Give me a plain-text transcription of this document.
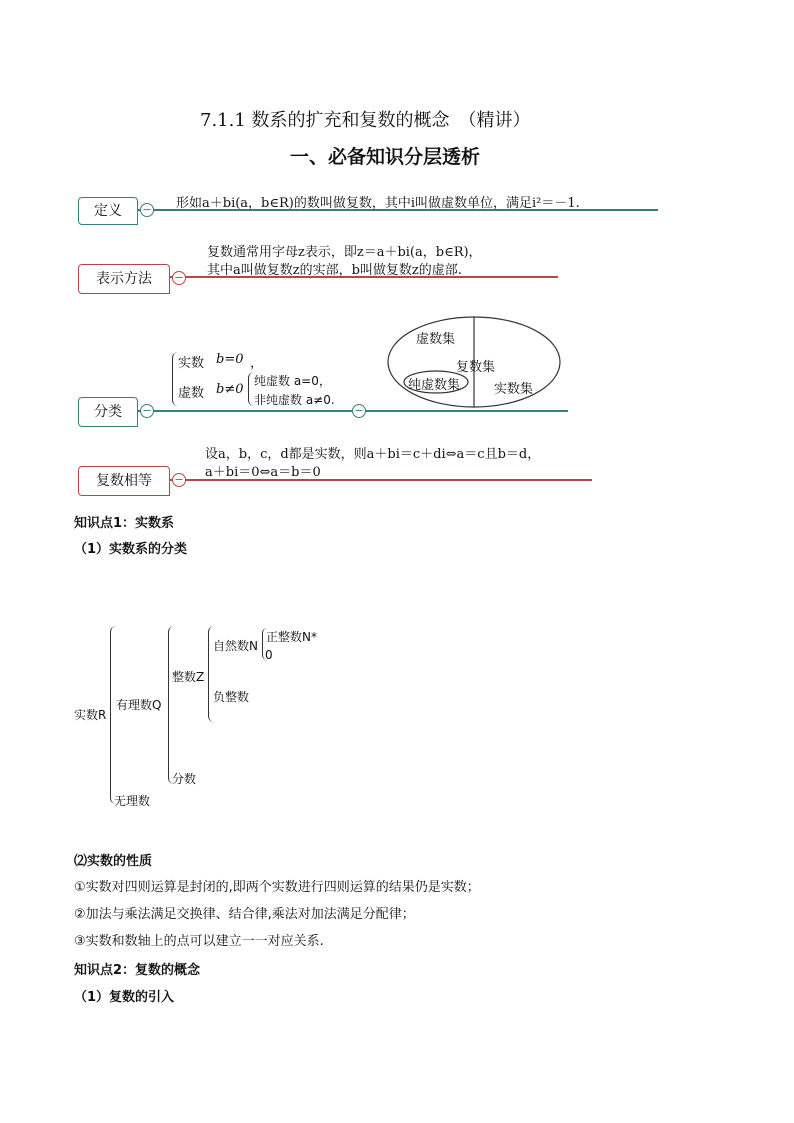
7.1.1 数系的扩充和复数的概念　（精讲）
一、必备知识分层透析
定义	− 形如a＋bi(a，b∈R)的数叫做复数，其中i叫做虚数单位，满足i²＝－1.
表示方法	−
复数通常用字母z表示，即z＝a＋bi(a，b∈R)，
其中a叫做复数z的实部，b叫做复数z的虚部.
分类	−	−
实数 b=0 ，
虚数 b≠0
纯虚数 a=0，
非纯虚数 a≠0.
虚数集
复数集
纯虚数集	实数集
复数相等	−
设a，b，c，d都是实数，则a＋bi＝c＋di⇔a＝c且b＝d，
a＋bi＝0⇔a＝b＝0
知识点1：实数系
（1）实数系的分类
实数R
有理数Q
无理数
整数Z
分数
自然数N
负整数
正整数N*
0
⑵实数的性质
①实数对四则运算是封闭的,即两个实数进行四则运算的结果仍是实数；
②加法与乘法满足交换律、结合律,乘法对加法满足分配律；
③实数和数轴上的点可以建立一一对应关系.
知识点2：复数的概念
（1）复数的引入
